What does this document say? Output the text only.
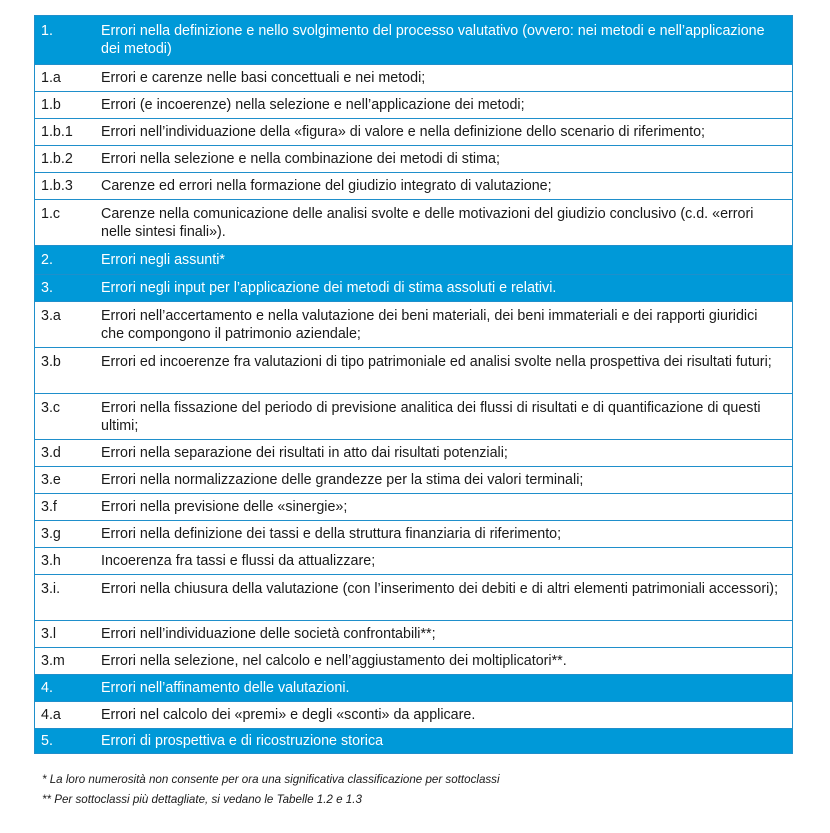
1.	Errori nella definizione e nello svolgimento del processo valutativo (ovvero: nei metodi e nell’applicazione dei metodi)
1.a	Errori e carenze nelle basi concettuali e nei metodi;
1.b	Errori (e incoerenze) nella selezione e nell’applicazione dei metodi;
1.b.1	Errori nell’individuazione della «figura» di valore e nella definizione dello scenario di riferimento;
1.b.2	Errori nella selezione e nella combinazione dei metodi di stima;
1.b.3	Carenze ed errori nella formazione del giudizio integrato di valutazione;
1.c	Carenze nella comunicazione delle analisi svolte e delle motivazioni del giudizio conclusivo (c.d. «errori nelle sintesi finali»).
2.	Errori negli assunti*
3.	Errori negli input per l’applicazione dei metodi di stima assoluti e relativi.
3.a	Errori nell’accertamento e nella valutazione dei beni materiali, dei beni immateriali e dei rapporti giuridici che compongono il patrimonio aziendale;
3.b	Errori ed incoerenze fra valutazioni di tipo patrimoniale ed analisi svolte nella prospettiva dei risultati futuri;
3.c	Errori nella fissazione del periodo di previsione analitica dei flussi di risultati e di quantificazione di questi ultimi;
3.d	Errori nella separazione dei risultati in atto dai risultati potenziali;
3.e	Errori nella normalizzazione delle grandezze per la stima dei valori terminali;
3.f	Errori nella previsione delle «sinergie»;
3.g	Errori nella definizione dei tassi e della struttura finanziaria di riferimento;
3.h	Incoerenza fra tassi e flussi da attualizzare;
3.i.	Errori nella chiusura della valutazione (con l’inserimento dei debiti e di altri elementi patrimoniali accessori);
3.l	Errori nell’individuazione delle società confrontabili**;
3.m	Errori nella selezione, nel calcolo e nell’aggiustamento dei moltiplicatori**.
4.	Errori nell’affinamento delle valutazioni.
4.a	Errori nel calcolo dei «premi» e degli «sconti» da applicare.
5.	Errori di prospettiva e di ricostruzione storica
* La loro numerosità non consente per ora una significativa classificazione per sottoclassi
** Per sottoclassi più dettagliate, si vedano le Tabelle 1.2 e 1.3
